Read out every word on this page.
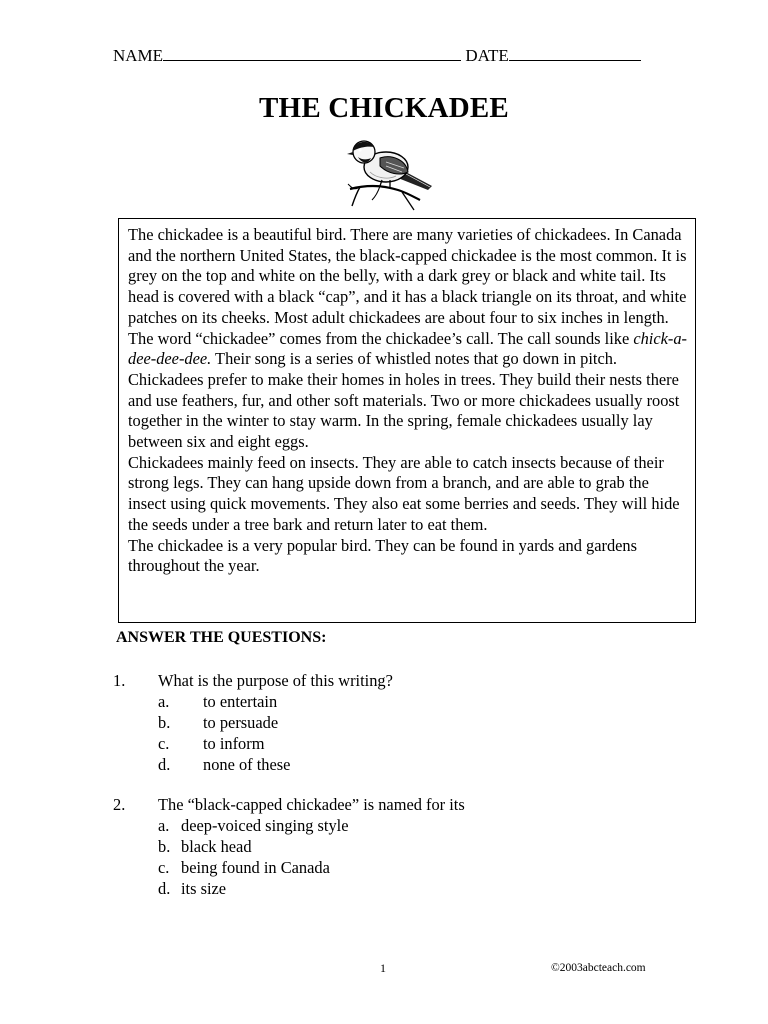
NAME	DATE
THE CHICKADEE

The chickadee is a beautiful bird. There are many varieties of chickadees. In Canada and the northern United States, the black-capped chickadee is the most common. It is grey on the top and white on the belly, with a dark grey or black and white tail. Its head is covered with a black “cap”, and it has a black triangle on its throat, and white patches on its cheeks. Most adult chickadees are about four to six inches in length.

The word “chickadee” comes from the chickadee’s call. The call sounds like chick-a-dee-dee-dee. Their song is a series of whistled notes that go down in pitch.

Chickadees prefer to make their homes in holes in trees. They build their nests there and use feathers, fur, and other soft materials. Two or more chickadees usually roost together in the winter to stay warm. In the spring, female chickadees usually lay between six and eight eggs.

Chickadees mainly feed on insects. They are able to catch insects because of their strong legs. They can hang upside down from a branch, and are able to grab the insect using quick movements. They also eat some berries and seeds. They will hide the seeds under a tree bark and return later to eat them.

The chickadee is a very popular bird. They can be found in yards and gardens throughout the year.

ANSWER THE QUESTIONS:
1. What is the purpose of this writing?
a. to entertain
b. to persuade
c. to inform
d. none of these
2. The “black-capped chickadee” is named for its
a. deep-voiced singing style
b. black head
c. being found in Canada
d. its size
1	©2003abcteach.com
